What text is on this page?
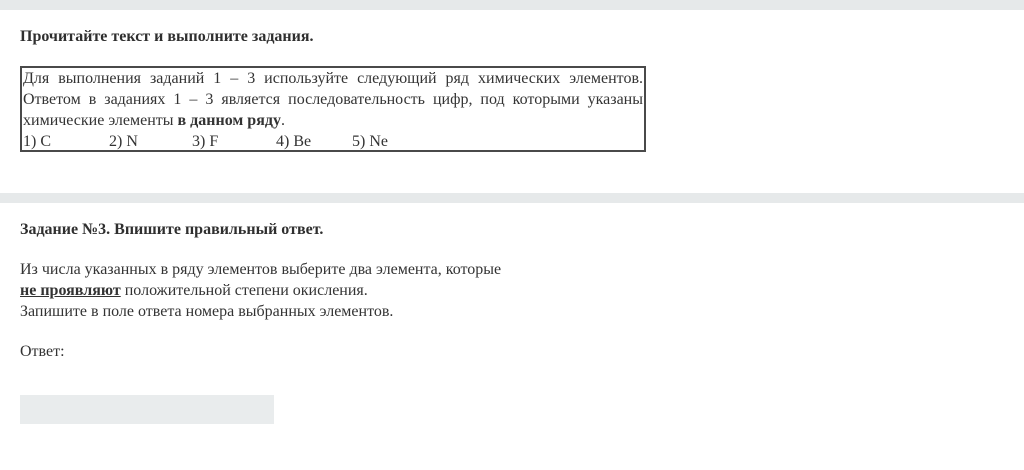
Прочитайте текст и выполните задания.

Для выполнения заданий 1 – 3 используйте следующий ряд химических элементов. Ответом в заданиях 1 – 3 является последовательность цифр, под которыми указаны химические элементы в данном ряду.

1) C	2) N	3) F	4) Be	5) Ne
Задание №3. Впишите правильный ответ.

Из числа указанных в ряду элементов выберите два элемента, которые

не проявляют положительной степени окисления.

Запишите в поле ответа номера выбранных элементов.

Ответ:
